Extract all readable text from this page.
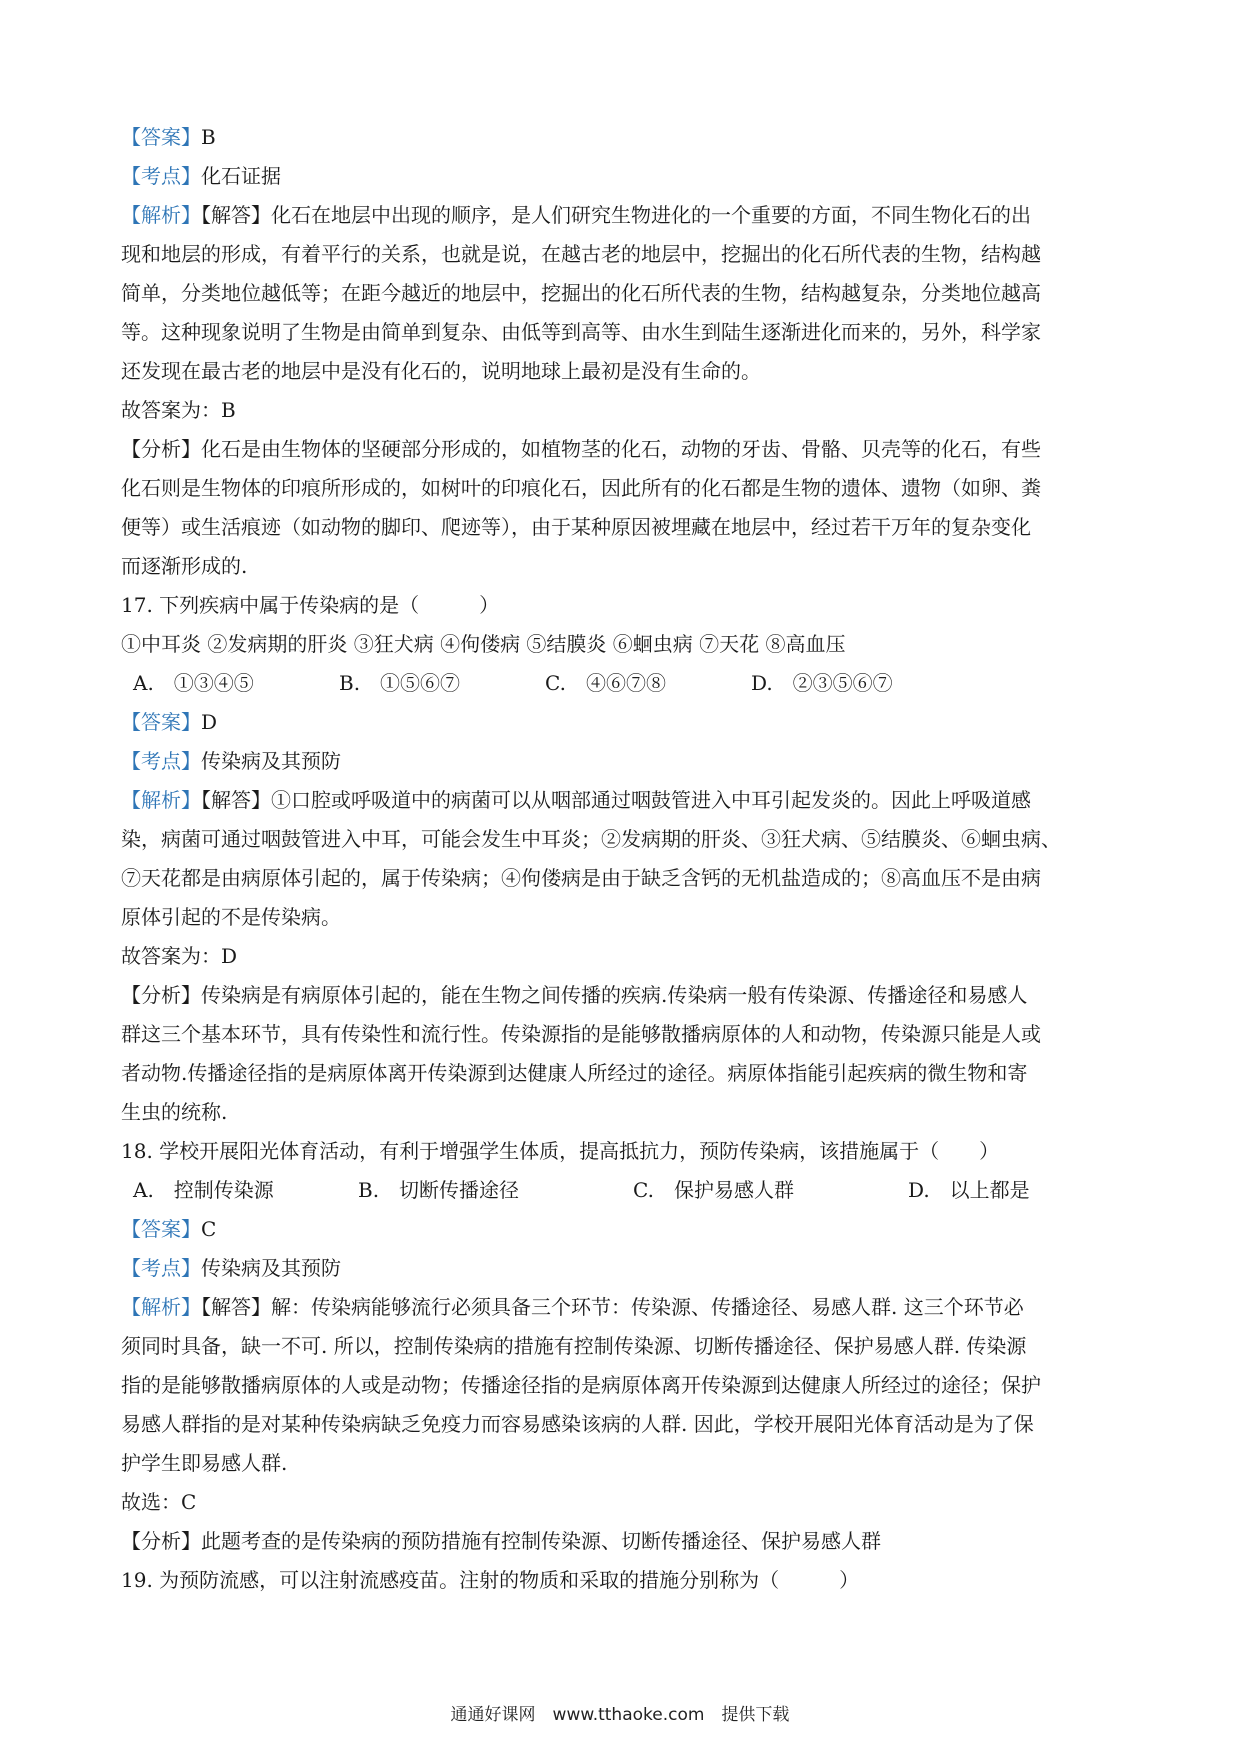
【答案】B
【考点】化石证据
【解析】【解答】化石在地层中出现的顺序，是人们研究生物进化的一个重要的方面，不同生物化石的出
现和地层的形成，有着平行的关系，也就是说，在越古老的地层中，挖掘出的化石所代表的生物，结构越
简单，分类地位越低等；在距今越近的地层中，挖掘出的化石所代表的生物，结构越复杂，分类地位越高
等。这种现象说明了生物是由简单到复杂、由低等到高等、由水生到陆生逐渐进化而来的，另外，科学家
还发现在最古老的地层中是没有化石的，说明地球上最初是没有生命的。
故答案为：B
【分析】化石是由生物体的坚硬部分形成的，如植物茎的化石，动物的牙齿、骨骼、贝壳等的化石，有些
化石则是生物体的印痕所形成的，如树叶的印痕化石，因此所有的化石都是生物的遗体、遗物（如卵、粪
便等）或生活痕迹（如动物的脚印、爬迹等），由于某种原因被埋藏在地层中，经过若干万年的复杂变化
而逐渐形成的.
17. 下列疾病中属于传染病的是（　　　）
①中耳炎 ②发病期的肝炎 ③狂犬病 ④佝偻病 ⑤结膜炎 ⑥蛔虫病 ⑦天花 ⑧高血压
A.　①③④⑤	B.　①⑤⑥⑦	C.　④⑥⑦⑧	D.　②③⑤⑥⑦
【答案】D
【考点】传染病及其预防
【解析】【解答】①口腔或呼吸道中的病菌可以从咽部通过咽鼓管进入中耳引起发炎的。因此上呼吸道感
染，病菌可通过咽鼓管进入中耳，可能会发生中耳炎；②发病期的肝炎、③狂犬病、⑤结膜炎、⑥蛔虫病、
⑦天花都是由病原体引起的，属于传染病；④佝偻病是由于缺乏含钙的无机盐造成的；⑧高血压不是由病
原体引起的不是传染病。
故答案为：D
【分析】传染病是有病原体引起的，能在生物之间传播的疾病.传染病一般有传染源、传播途径和易感人
群这三个基本环节，具有传染性和流行性。传染源指的是能够散播病原体的人和动物，传染源只能是人或
者动物.传播途径指的是病原体离开传染源到达健康人所经过的途径。病原体指能引起疾病的微生物和寄
生虫的统称.
18. 学校开展阳光体育活动，有利于增强学生体质，提高抵抗力，预防传染病，该措施属于（　　）
A.　控制传染源	B.　切断传播途径	C.　保护易感人群	D.　以上都是
【答案】C
【考点】传染病及其预防
【解析】【解答】解：传染病能够流行必须具备三个环节：传染源、传播途径、易感人群. 这三个环节必
须同时具备，缺一不可. 所以，控制传染病的措施有控制传染源、切断传播途径、保护易感人群. 传染源
指的是能够散播病原体的人或是动物；传播途径指的是病原体离开传染源到达健康人所经过的途径；保护
易感人群指的是对某种传染病缺乏免疫力而容易感染该病的人群. 因此，学校开展阳光体育活动是为了保
护学生即易感人群.
故选：C
【分析】此题考查的是传染病的预防措施有控制传染源、切断传播途径、保护易感人群
19. 为预防流感，可以注射流感疫苗。注射的物质和采取的措施分别称为（　　　）
通通好课网　www.tthaoke.com　提供下载
